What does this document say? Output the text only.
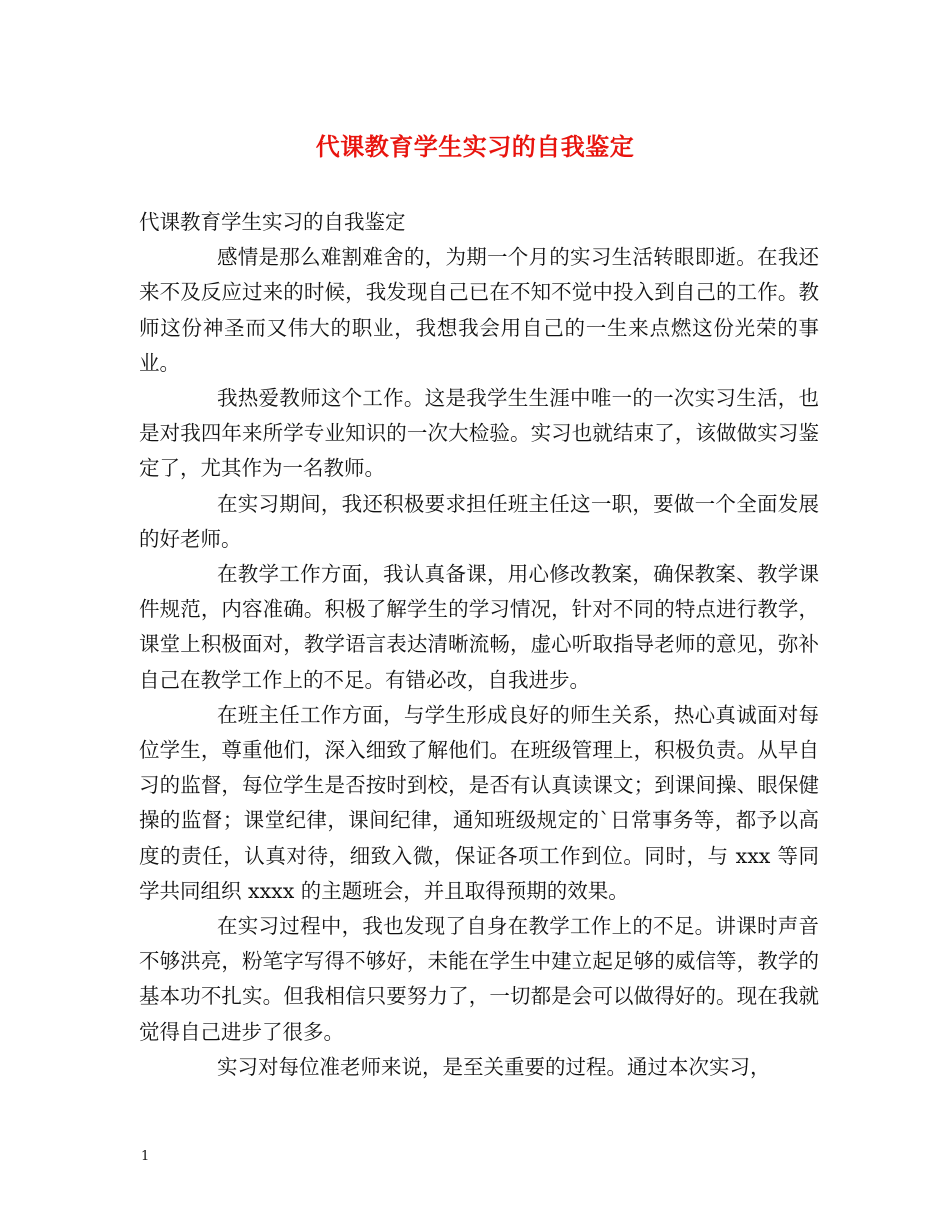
代课教育学生实习的自我鉴定

代课教育学生实习的自我鉴定

感情是那么难割难舍的，为期一个月的实习生活转眼即逝。在我还来不及反应过来的时候，我发现自己已在不知不觉中投入到自己的工作。教师这份神圣而又伟大的职业，我想我会用自己的一生来点燃这份光荣的事业。

我热爱教师这个工作。这是我学生生涯中唯一的一次实习生活，也是对我四年来所学专业知识的一次大检验。实习也就结束了，该做做实习鉴定了，尤其作为一名教师。

在实习期间，我还积极要求担任班主任这一职，要做一个全面发展的好老师。

在教学工作方面，我认真备课，用心修改教案，确保教案、教学课件规范，内容准确。积极了解学生的学习情况，针对不同的特点进行教学，课堂上积极面对，教学语言表达清晰流畅，虚心听取指导老师的意见，弥补自己在教学工作上的不足。有错必改，自我进步。

在班主任工作方面，与学生形成良好的师生关系，热心真诚面对每位学生，尊重他们，深入细致了解他们。在班级管理上，积极负责。从早自习的监督，每位学生是否按时到校，是否有认真读课文；到课间操、眼保健操的监督；课堂纪律，课间纪律，通知班级规定的`日常事务等，都予以高度的责任，认真对待，细致入微，保证各项工作到位。同时，与 xxx 等同学共同组织 xxxx 的主题班会，并且取得预期的效果。

在实习过程中，我也发现了自身在教学工作上的不足。讲课时声音不够洪亮，粉笔字写得不够好，未能在学生中建立起足够的威信等，教学的基本功不扎实。但我相信只要努力了，一切都是会可以做得好的。现在我就觉得自己进步了很多。

实习对每位准老师来说，是至关重要的过程。通过本次实习，

1
